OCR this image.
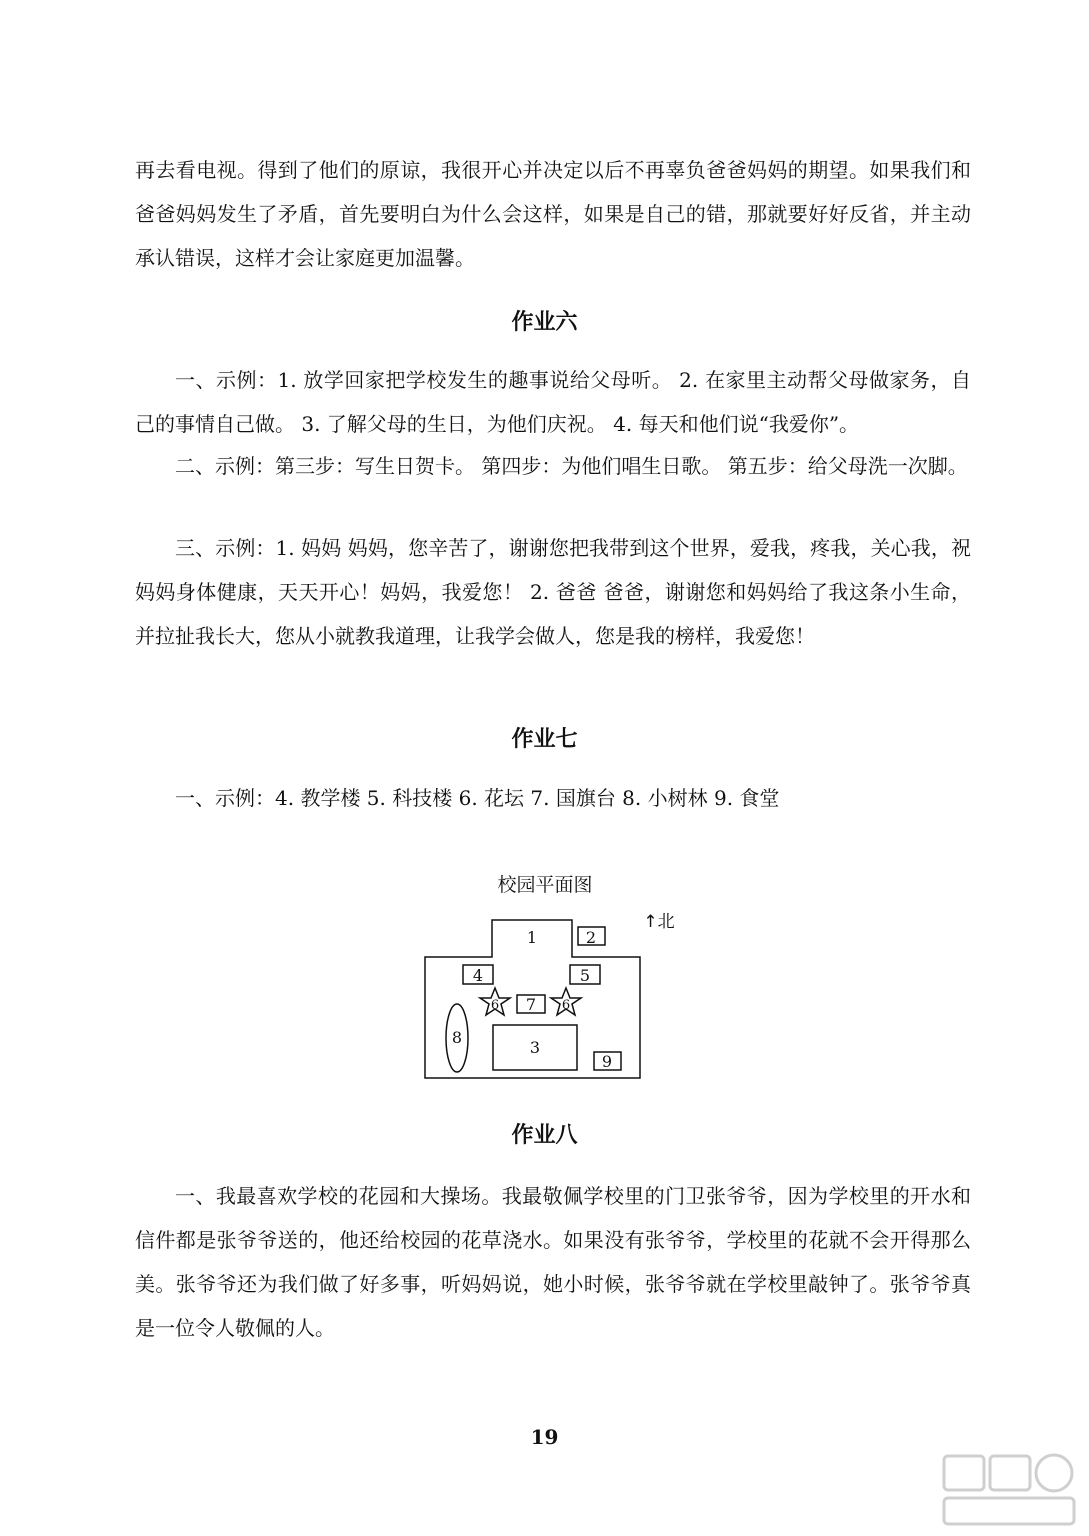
再去看电视。得到了他们的原谅，我很开心并决定以后不再辜负爸爸妈妈的期望。如果我们和爸爸妈妈发生了矛盾，首先要明白为什么会这样，如果是自己的错，那就要好好反省，并主动承认错误，这样才会让家庭更加温馨。

作业六

一、示例：1. 放学回家把学校发生的趣事说给父母听。 2. 在家里主动帮父母做家务，自己的事情自己做。 3. 了解父母的生日，为他们庆祝。 4. 每天和他们说“我爱你”。

二、示例：第三步：写生日贺卡。 第四步：为他们唱生日歌。 第五步：给父母洗一次脚。

三、示例：1. 妈妈 妈妈，您辛苦了，谢谢您把我带到这个世界，爱我，疼我，关心我，祝妈妈身体健康，天天开心！妈妈，我爱您！ 2. 爸爸 爸爸，谢谢您和妈妈给了我这条小生命，并拉扯我长大，您从小就教我道理，让我学会做人，您是我的榜样，我爱您！

作业七

一、示例：4. 教学楼 5. 科技楼 6. 花坛 7. 国旗台 8. 小树林 9. 食堂

校园平面图

1	2
4	5
7
6	6
8
3
9
↑北
作业八

一、我最喜欢学校的花园和大操场。我最敬佩学校里的门卫张爷爷，因为学校里的开水和信件都是张爷爷送的，他还给校园的花草浇水。如果没有张爷爷，学校里的花就不会开得那么美。张爷爷还为我们做了好多事，听妈妈说，她小时候，张爷爷就在学校里敲钟了。张爷爷真是一位令人敬佩的人。

19
